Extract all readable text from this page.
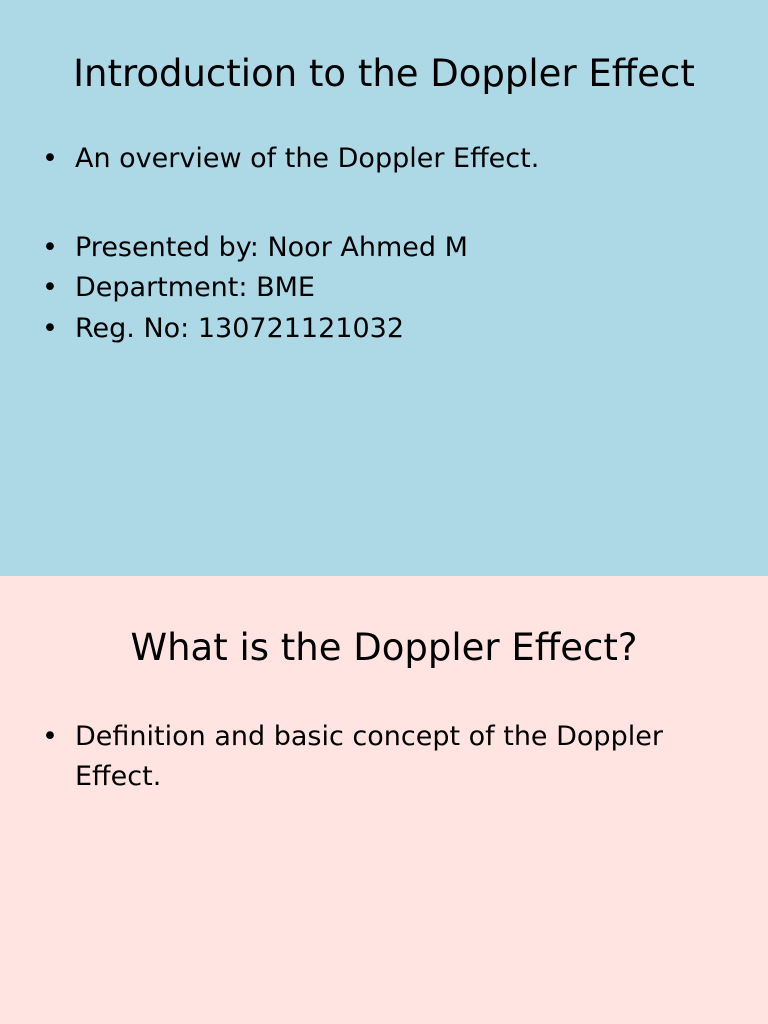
Introduction to the Doppler Effect
• An overview of the Doppler Effect.
• Presented by: Noor Ahmed M
• Department: BME
• Reg. No: 130721121032
What is the Doppler Effect?
• Definition and basic concept of the Doppler Effect.
